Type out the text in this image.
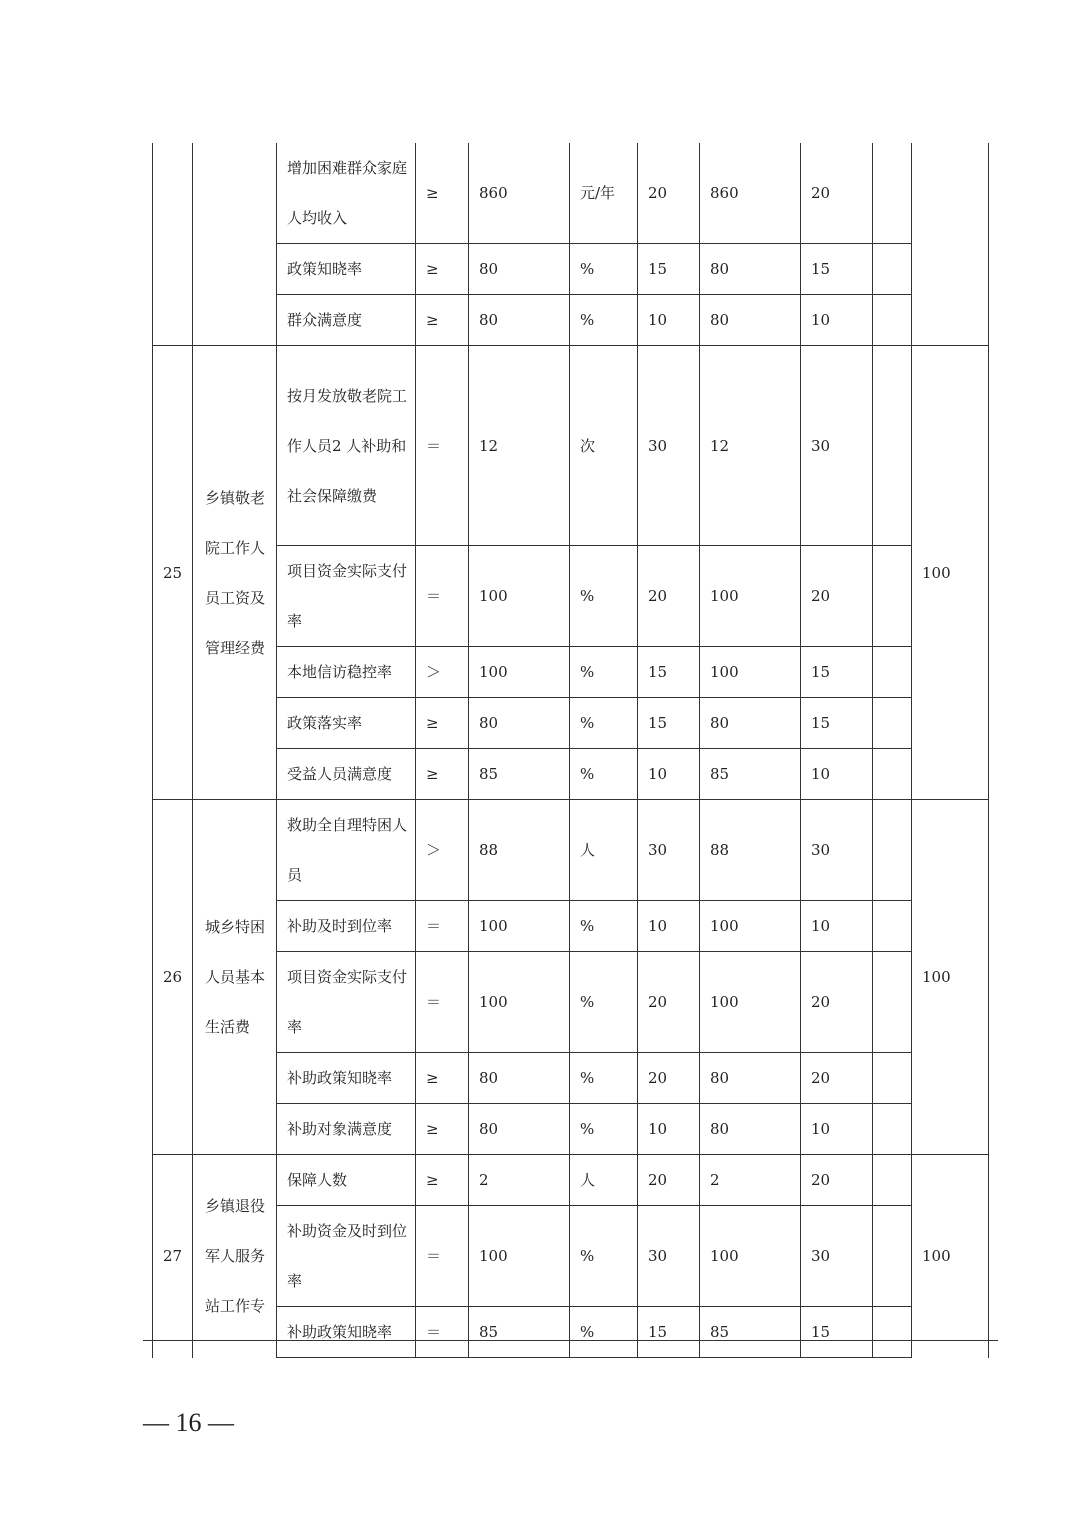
		增加困难群众家庭人均收入	≥	860	元/年	20	860	20		
		政策知晓率	≥	80	%	15	80	15		
		群众满意度	≥	80	%	10	80	10		
25	乡镇敬老院工作人员工资及管理经费	按月发放敬老院工作人员2 人补助和社会保障缴费	＝	12	次	30	12	30		100

		项目资金实际支付率	＝	100	%	20	100	20		
		本地信访稳控率	＞	100	%	15	100	15		
		政策落实率	≥	80	%	15	80	15		
		受益人员满意度	≥	85	%	10	85	10		
26	城乡特困人员基本生活费	救助全自理特困人员	＞	88	人	30	88	30		100
		补助及时到位率	＝	100	%	10	100	10		

		项目资金实际支付率	＝	100	%	20	100	20		
		补助政策知晓率	≥	80	%	20	80	20		
		补助对象满意度	≥	80	%	10	80	10		
27	乡镇退役军人服务站工作专	保障人数	≥	2	人	20	2	20		100

		补助资金及时到位率	＝	100	%	30	100	30		
		补助政策知晓率	＝	85	%	15	85	15		
— 16 —
